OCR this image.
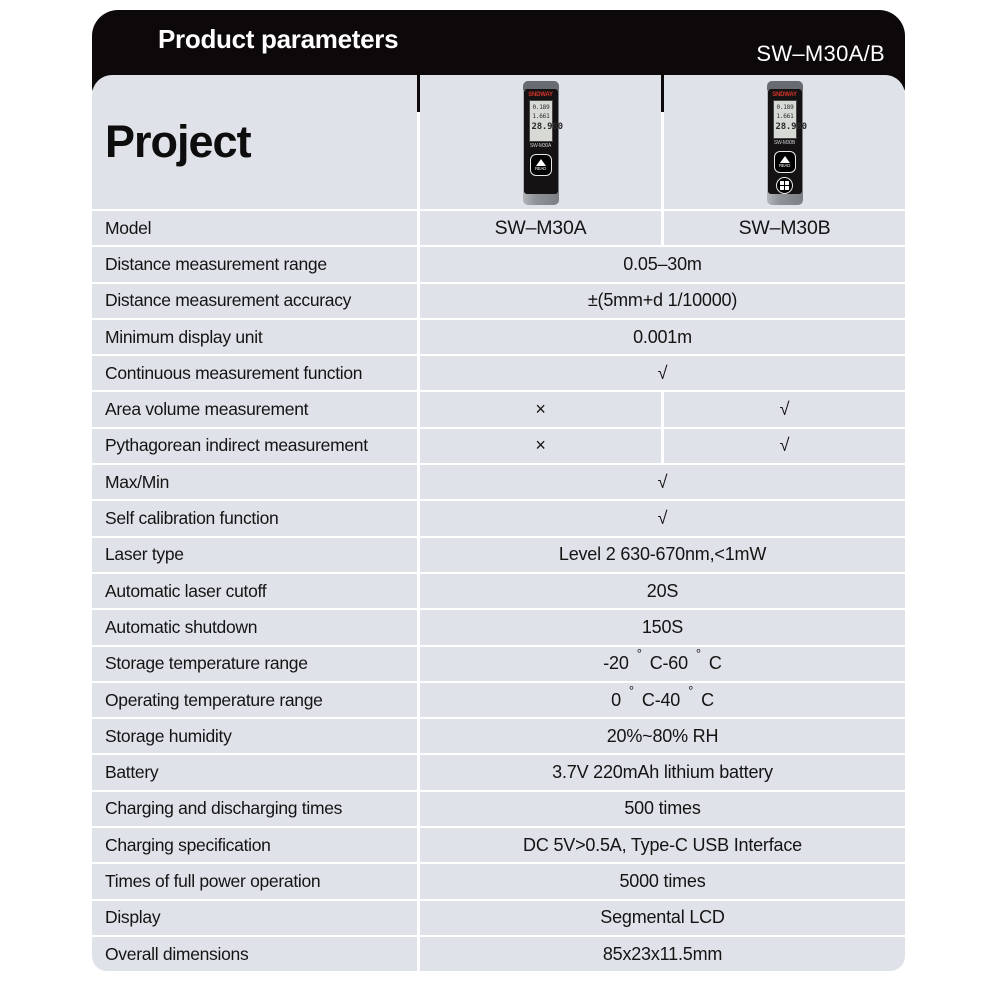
Product parameters	SW–M30A/B
Project
SNDWAY
0.189
1.661
28.980
SW-M30A
READ
SNDWAY
0.189
1.661
28.980
SW-M30B
READ
Model	SW–M30A	SW–M30B
Distance measurement range	0.05–30m
Distance measurement accuracy	±(5mm+d 1/10000)
Minimum display unit	0.001m
Continuous measurement function	√
Area volume measurement	×	√
Pythagorean indirect measurement	×	√
Max/Min	√
Self calibration function	√
Laser type	Level 2 630-670nm,<1mW
Automatic laser cutoff	20S
Automatic shutdown	150S
Storage temperature range	-20 ° C-60 ° C
Operating temperature range	0 ° C-40 ° C
Storage humidity	20%~80% RH
Battery	3.7V 220mAh lithium battery
Charging and discharging times	500 times
Charging specification	DC 5V>0.5A, Type-C USB Interface
Times of full power operation	5000 times
Display	Segmental LCD
Overall dimensions	85x23x11.5mm
